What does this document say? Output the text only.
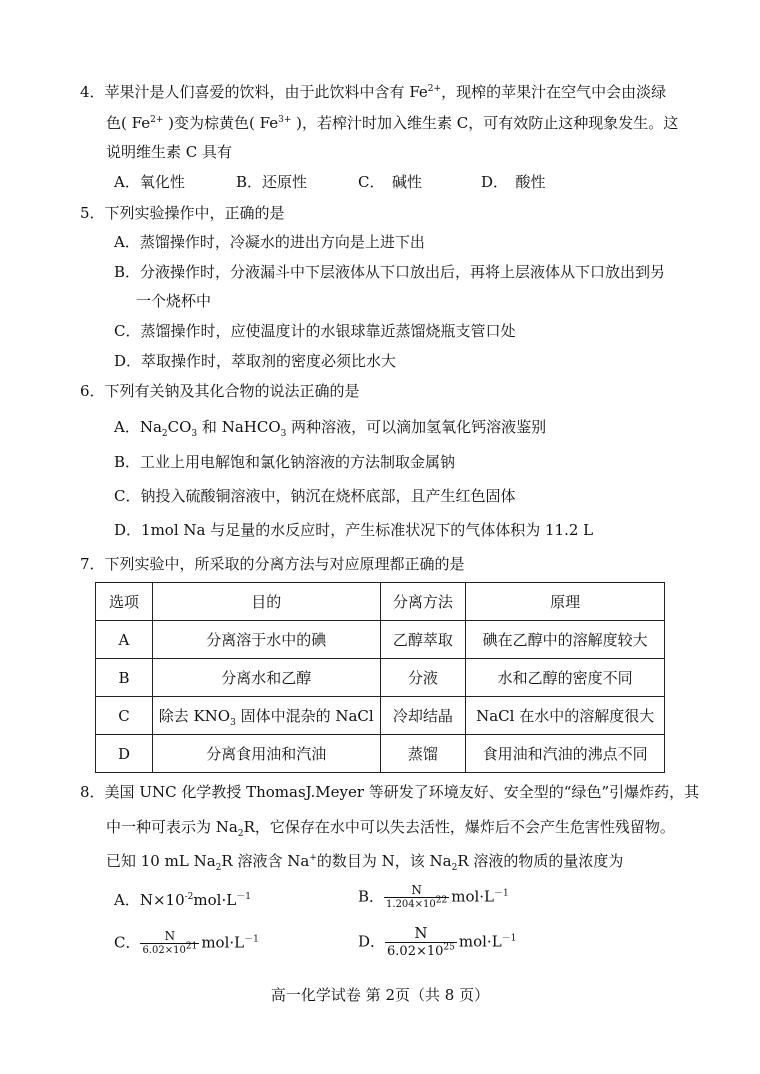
4．苹果汁是人们喜爱的饮料，由于此饮料中含有 $Fe^{2+}$，现榨的苹果汁在空气中会由淡绿
色( $Fe^{2+}$ )变为棕黄色( $Fe^{3+}$ )，若榨汁时加入维生素 C，可有效防止这种现象发生。这
说明维生素 C 具有
A．氧化性	B．还原性	C．　碱性	D．　酸性
5．下列实验操作中，正确的是
A．蒸馏操作时，冷凝水的进出方向是上进下出
B．分液操作时，分液漏斗中下层液体从下口放出后，再将上层液体从下口放出到另
一个烧杯中
C．蒸馏操作时，应使温度计的水银球靠近蒸馏烧瓶支管口处
D．萃取操作时，萃取剂的密度必须比水大
6．下列有关钠及其化合物的说法正确的是
A．$Na_2CO_3$ 和 NaHCO$_3$ 两种溶液，可以滴加氢氧化钙溶液鉴别
B．工业上用电解饱和氯化钠溶液的方法制取金属钠
C．钠投入硫酸铜溶液中，钠沉在烧杯底部，且产生红色固体
D．1mol Na 与足量的水反应时，产生标准状况下的气体体积为 11.2 L
7．下列实验中，所采取的分离方法与对应原理都正确的是
选项	目的	分离方法	原理
A	分离溶于水中的碘	乙醇萃取	碘在乙醇中的溶解度较大
B	分离水和乙醇	分液	水和乙醇的密度不同
C	除去 $KNO_3$ 固体中混杂的 NaCl	冷却结晶	NaCl 在水中的溶解度很大
D	分离食用油和汽油	蒸馏	食用油和汽油的沸点不同
8．美国 UNC 化学教授 ThomasJ.Meyer 等研发了环境友好、安全型的“绿色”引爆炸药，其
中一种可表示为 $Na_2R$，它保存在水中可以失去活性，爆炸后不会产生危害性残留物。
已知 10 mL $Na_2R$ 溶液含 Na+的数目为 N，该 $Na_2R$ 溶液的物质的量浓度为
A．$N\times 10^{-2}mol\cdot L^{-1}$	B． $\frac{N}{1.204\times 10^{22}} mol\cdot L^{-1}$
C． $\frac{N}{6.02\times 10^{21}} mol\cdot L^{-1}$	D． $\frac{N}{6.02\times 10^{25}} mol\cdot L^{-1}$
高一化学试卷 第 2页（共 8 页）
